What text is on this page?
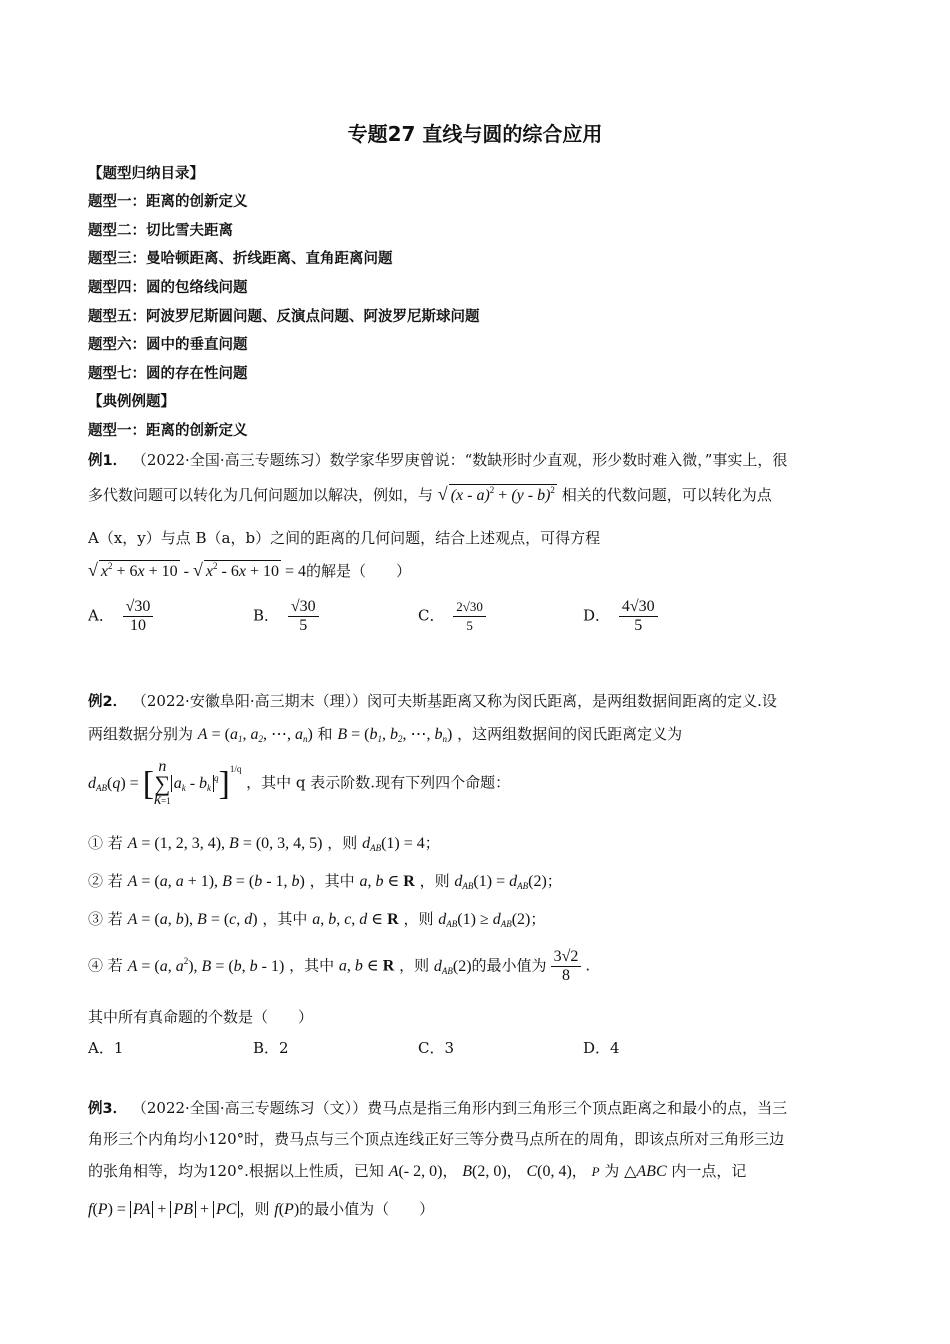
专题27 直线与圆的综合应用
【题型归纳目录】
题型一：距离的创新定义
题型二：切比雪夫距离
题型三：曼哈顿距离、折线距离、直角距离问题
题型四：圆的包络线问题
题型五：阿波罗尼斯圆问题、反演点问题、阿波罗尼斯球问题
题型六：圆中的垂直问题
题型七：圆的存在性问题
【典例例题】
题型一：距离的创新定义
例1． （2022·全国·高三专题练习）数学家华罗庚曾说：“数缺形时少直观，形少数时难入微，”事实上，很
多代数问题可以转化为几何问题加以解决，例如，与 √ (x - a)$^2$ + (y - b)$^2$ 相关的代数问题，可以转化为点
A（x，y）与点 B（a，b）之间的距离的几何问题，结合上述观点，可得方程
√ $x^2 + 6x + 10$ - √ $x^2 - 6x + 10 = 4$的解是（　　）
A． $\frac{√30}{10}$	B． $\frac{√30}{5}$	C． $\frac{2√30}{5}$	D． $\frac{4√30}{5}$
例2． （2022·安徽阜阳·高三期末（理））闵可夫斯基距离又称为闵氏距离，是两组数据间距离的定义.设
两组数据分别为 $A = (a_1$, $a_2$, ⋯, $a_n$) 和 $B = (b_1$, $b_2$, ⋯, $b_n$) ，这两组数据间的闵氏距离定义为
$d_{AB}(q)$ = [ n
∑
k=1
$a_k - b_k^q]^{1/q}$ ，其中 q 表示阶数.现有下列四个命题：
① 若 A = (1, 2, 3, 4), B = (0, 3, 4, 5) ，则 $d_{AB}(1) = 4$；
② 若 A = (a, a + 1), B = (b - 1, b) ，其中 a, b ∈ R ，则 $d_{AB}(1) = d_{AB}(2)$；
③ 若 A = (a, b), B = (c, d) ，其中 a, b, c, d ∈ R ，则 $d_{AB}(1) \ge d_{AB}(2)$；
④ 若 A = (a, $a^2$), B = (b, b - 1) ，其中 a, b ∈ R ，则 $d_{AB}(2)$的最小值为 $\frac{3√2}{8}$ .
其中所有真命题的个数是（　　）
A．1	B．2	C．3	D．4
例3． （2022·全国·高三专题练习（文））费马点是指三角形内到三角形三个顶点距离之和最小的点，当三
角形三个内角均小120°时，费马点与三个顶点连线正好三等分费马点所在的周角，即该点所对三角形三边
的张角相等，均为120°.根据以上性质，已知 A(- 2, 0)， B(2, 0)， C(0, 4)， P 为 △ABC 内一点，记
f(P) = PA + PB + PC ，则 f(P)的最小值为（　　）
